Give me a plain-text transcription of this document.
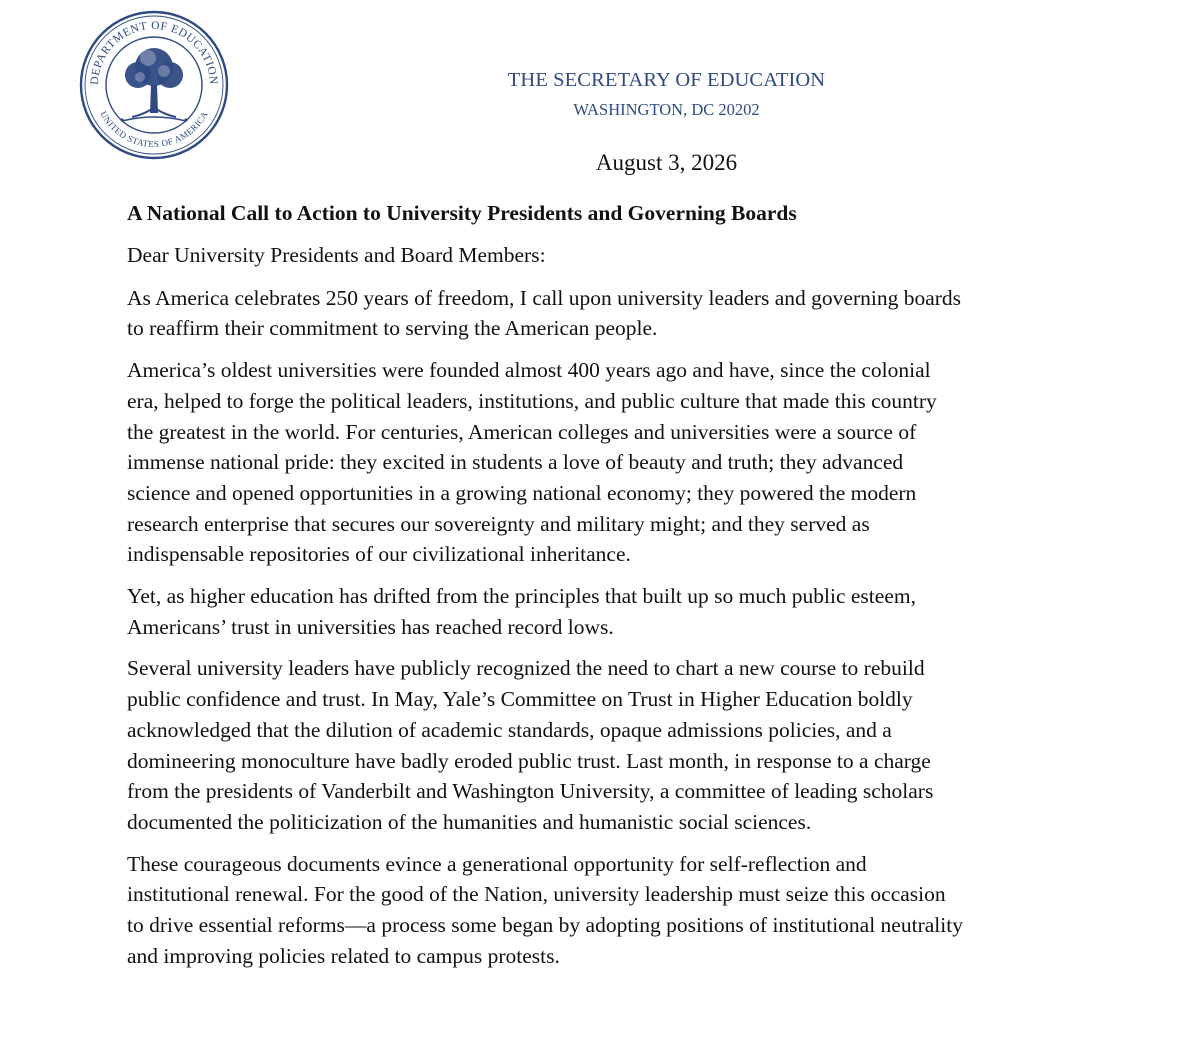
DEPARTMENT OF EDUCATION
UNITED STATES OF AMERICA
THE SECRETARY OF EDUCATION
WASHINGTON, DC 20202
August 3, 2026
A National Call to Action to University Presidents and Governing Boards
Dear University Presidents and Board Members:
As America celebrates 250 years of freedom, I call upon university leaders and governing boards
to reaffirm their commitment to serving the American people.
America’s oldest universities were founded almost 400 years ago and have, since the colonial
era, helped to forge the political leaders, institutions, and public culture that made this country
the greatest in the world. For centuries, American colleges and universities were a source of
immense national pride: they excited in students a love of beauty and truth; they advanced
science and opened opportunities in a growing national economy; they powered the modern
research enterprise that secures our sovereignty and military might; and they served as
indispensable repositories of our civilizational inheritance.
Yet, as higher education has drifted from the principles that built up so much public esteem,
Americans’ trust in universities has reached record lows.
Several university leaders have publicly recognized the need to chart a new course to rebuild
public confidence and trust. In May, Yale’s Committee on Trust in Higher Education boldly
acknowledged that the dilution of academic standards, opaque admissions policies, and a
domineering monoculture have badly eroded public trust. Last month, in response to a charge
from the presidents of Vanderbilt and Washington University, a committee of leading scholars
documented the politicization of the humanities and humanistic social sciences.
These courageous documents evince a generational opportunity for self-reflection and
institutional renewal. For the good of the Nation, university leadership must seize this occasion
to drive essential reforms—a process some began by adopting positions of institutional neutrality
and improving policies related to campus protests.
